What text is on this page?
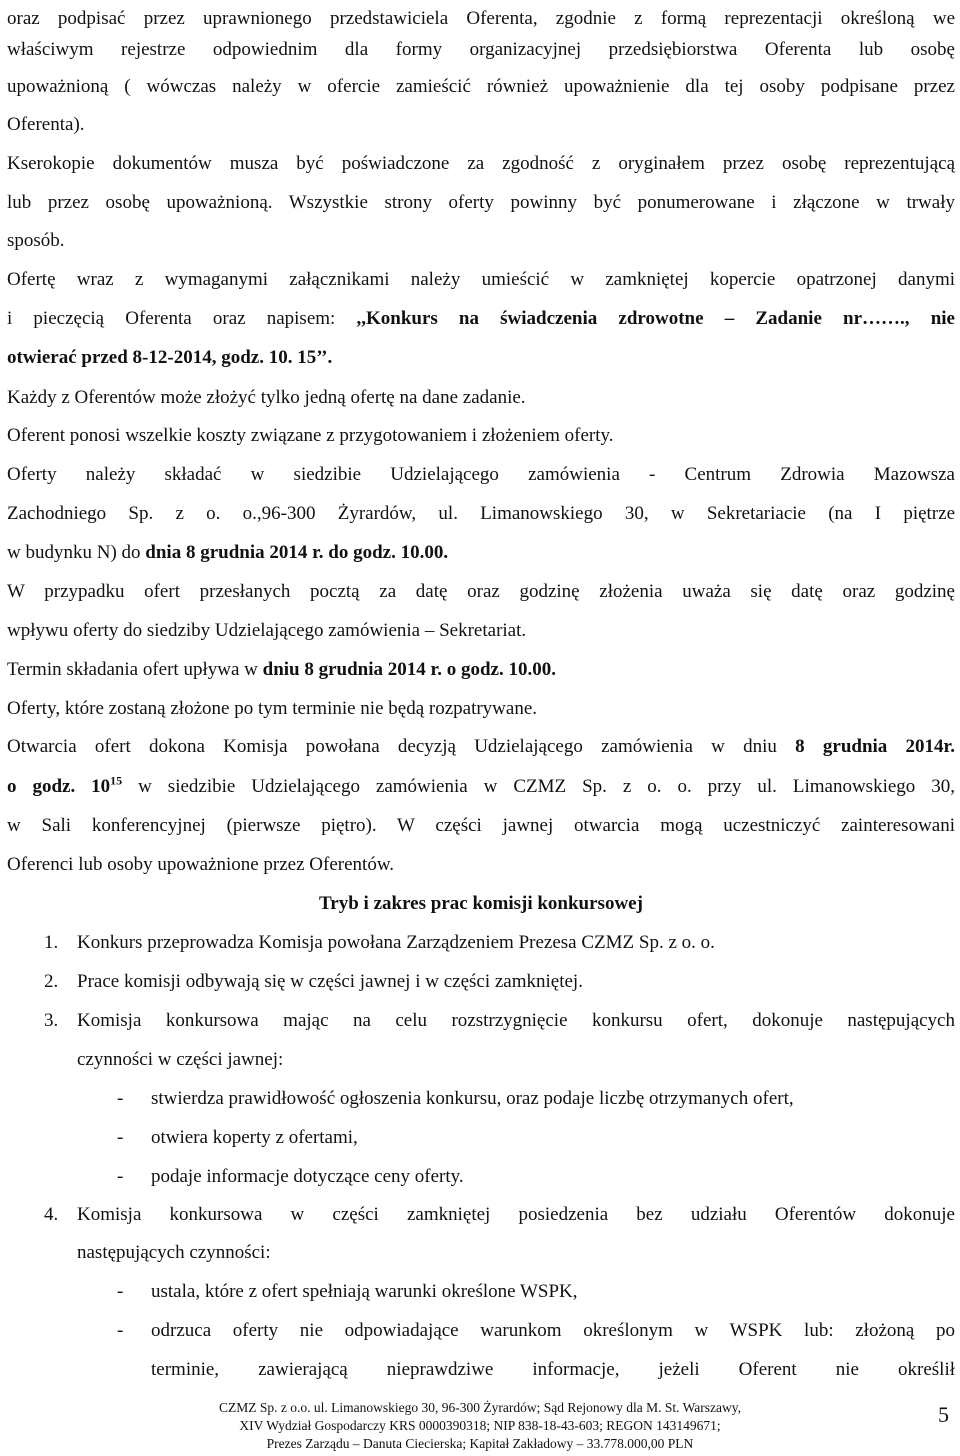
oraz podpisać przez uprawnionego przedstawiciela Oferenta, zgodnie z formą reprezentacji określoną we
właściwym rejestrze odpowiednim dla formy organizacyjnej przedsiębiorstwa Oferenta lub osobę
upoważnioną ( wówczas należy w ofercie zamieścić również upoważnienie dla tej osoby podpisane przez
Oferenta).
Kserokopie dokumentów musza być poświadczone za zgodność z oryginałem przez osobę reprezentującą
lub przez osobę upoważnioną. Wszystkie strony oferty powinny być ponumerowane i złączone w trwały
sposób.
Ofertę wraz z wymaganymi załącznikami należy umieścić w zamkniętej kopercie opatrzonej danymi
i pieczęcią Oferenta oraz napisem: ,,Konkurs na świadczenia zdrowotne – Zadanie nr……., nie
otwierać przed 8-12-2014, godz. 10. 15’’.
Każdy z Oferentów może złożyć tylko jedną ofertę na dane zadanie.
Oferent ponosi wszelkie koszty związane z przygotowaniem i złożeniem oferty.
Oferty należy składać w siedzibie Udzielającego zamówienia - Centrum Zdrowia Mazowsza
Zachodniego Sp. z o. o.,96-300 Żyrardów, ul. Limanowskiego 30, w Sekretariacie (na I piętrze
w budynku N) do dnia 8 grudnia 2014 r. do godz. 10.00.
W przypadku ofert przesłanych pocztą za datę oraz godzinę złożenia uważa się datę oraz godzinę
wpływu oferty do siedziby Udzielającego zamówienia – Sekretariat.
Termin składania ofert upływa w dniu 8 grudnia 2014 r. o godz. 10.00.
Oferty, które zostaną złożone po tym terminie nie będą rozpatrywane.
Otwarcia ofert dokona Komisja powołana decyzją Udzielającego zamówienia w dniu 8 grudnia 2014r.
o godz. $10^{15}$ w siedzibie Udzielającego zamówienia w CZMZ Sp. z o. o. przy ul. Limanowskiego 30,
w Sali konferencyjnej (pierwsze piętro). W części jawnej otwarcia mogą uczestniczyć zainteresowani
Oferenci lub osoby upoważnione przez Oferentów.
Tryb i zakres prac komisji konkursowej
1. Konkurs przeprowadza Komisja powołana Zarządzeniem Prezesa CZMZ Sp. z o. o.
2. Prace komisji odbywają się w części jawnej i w części zamkniętej.
3. Komisja konkursowa mając na celu rozstrzygnięcie konkursu ofert, dokonuje następujących
czynności w części jawnej:
-	stwierdza prawidłowość ogłoszenia konkursu, oraz podaje liczbę otrzymanych ofert,
-	otwiera koperty z ofertami,
-	podaje informacje dotyczące ceny oferty.
4. Komisja konkursowa w części zamkniętej posiedzenia bez udziału Oferentów dokonuje
następujących czynności:
-	ustala, które z ofert spełniają warunki określone WSPK,
-	odrzuca oferty nie odpowiadające warunkom określonym w WSPK lub: złożoną po
terminie, zawierającą nieprawdziwe informacje, jeżeli Oferent nie określił
CZMZ Sp. z o.o. ul. Limanowskiego 30, 96-300 Żyrardów; Sąd Rejonowy dla M. St. Warszawy,
XIV Wydział Gospodarczy KRS 0000390318; NIP 838-18-43-603; REGON 143149671;
Prezes Zarządu – Danuta Ciecierska; Kapitał Zakładowy – 33.778.000,00 PLN
5
